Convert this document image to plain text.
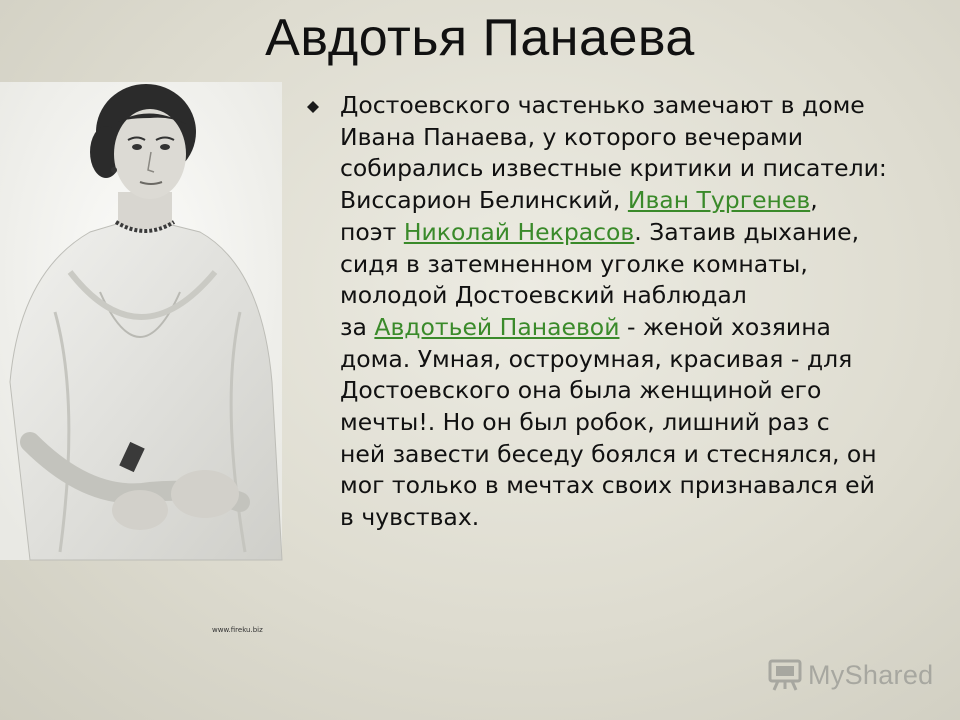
Авдотья Панаева
www.fireku.biz
Достоевского частенько замечают в доме
Ивана Панаева, у которого вечерами
собирались известные критики и писатели:
Виссарион Белинский, Иван Тургенев,
поэт Николай Некрасов. Затаив дыхание,
сидя в затемненном уголке комнаты,
молодой Достоевский наблюдал
за Авдотьей Панаевой - женой хозяина
дома. Умная, остроумная, красивая - для
Достоевского она была женщиной его
мечты!. Но он был робок, лишний раз с
ней завести беседу боялся и стеснялся, он
мог только в мечтах своих признавался ей
в чувствах.
MyShared
